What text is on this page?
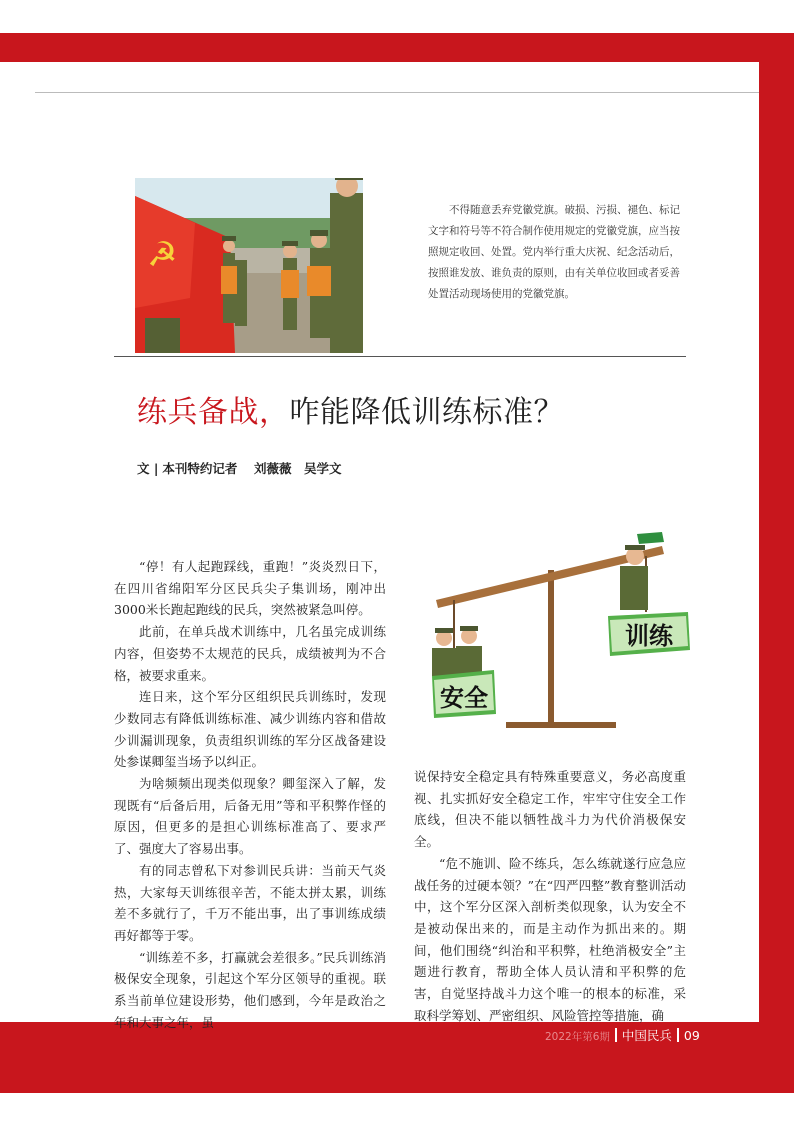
☭
不得随意丢弃党徽党旗。破损、污损、褪色、标记文字和符号等不符合制作使用规定的党徽党旗，应当按照规定收回、处置。党内举行重大庆祝、纪念活动后，按照谁发放、谁负责的原则，由有关单位收回或者妥善处置活动现场使用的党徽党旗。
练兵备战，咋能降低训练标准？
文 | 本刊特约记者　 刘薇薇　吴学文

“停！有人起跑踩线，重跑！”炎炎烈日下，在四川省绵阳军分区民兵尖子集训场，刚冲出3000米长跑起跑线的民兵，突然被紧急叫停。

此前，在单兵战术训练中，几名虽完成训练内容，但姿势不太规范的民兵，成绩被判为不合格，被要求重来。

连日来，这个军分区组织民兵训练时，发现少数同志有降低训练标准、减少训练内容和借故少训漏训现象，负责组织训练的军分区战备建设处参谋卿玺当场予以纠正。

为啥频频出现类似现象？卿玺深入了解，发现既有“后备后用，后备无用”等和平积弊作怪的原因，但更多的是担心训练标准高了、要求严了、强度大了容易出事。

有的同志曾私下对参训民兵讲：当前天气炎热，大家每天训练很辛苦，不能太拼太累，训练差不多就行了，千万不能出事，出了事训练成绩再好都等于零。

“训练差不多，打赢就会差很多。”民兵训练消极保安全现象，引起这个军分区领导的重视。联系当前单位建设形势，他们感到，今年是政治之年和大事之年，虽

安全
训练

说保持安全稳定具有特殊重要意义，务必高度重视、扎实抓好安全稳定工作，牢牢守住安全工作底线，但决不能以牺牲战斗力为代价消极保安全。

“危不施训、险不练兵，怎么练就遂行应急应战任务的过硬本领？”在“四严四整”教育整训活动中，这个军分区深入剖析类似现象，认为安全不是被动保出来的，而是主动作为抓出来的。期间，他们围绕“纠治和平积弊，杜绝消极安全”主题进行教育，帮助全体人员认清和平积弊的危害，自觉坚持战斗力这个唯一的根本的标准，采取科学筹划、严密组织、风险管控等措施，确

2022年第6期 中国民兵 09
